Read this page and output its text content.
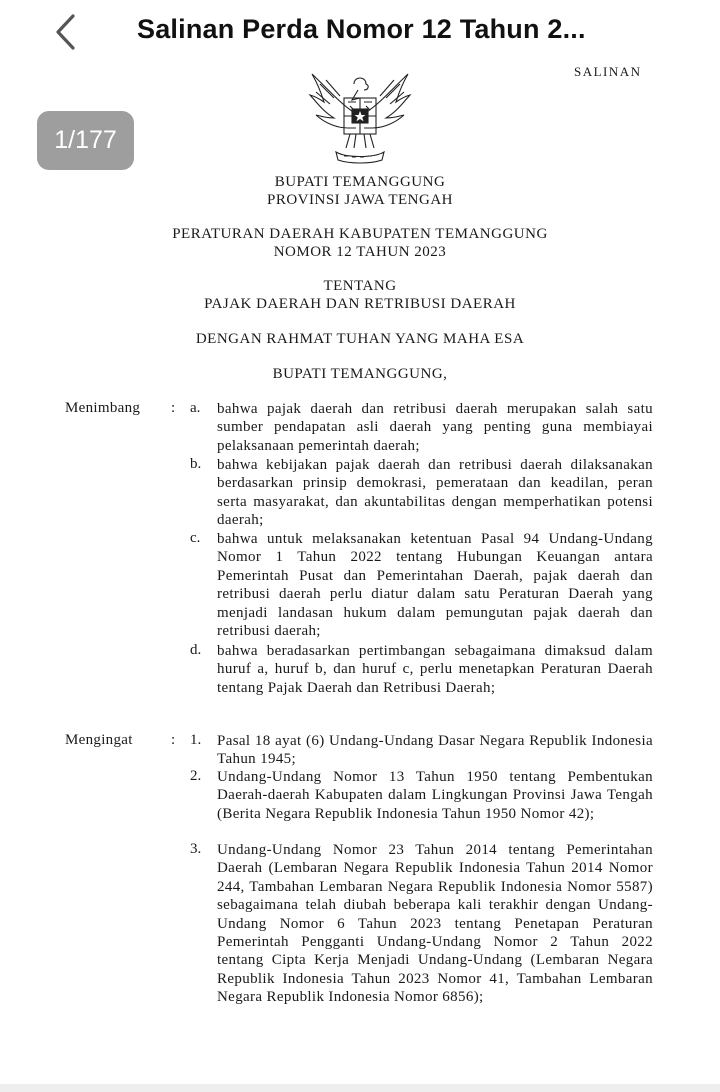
Salinan Perda Nomor 12 Tahun 2...
SALINAN
BUPATI TEMANGGUNG
PROVINSI JAWA TENGAH
PERATURAN DAERAH KABUPATEN TEMANGGUNG
NOMOR 12 TAHUN 2023
TENTANG
PAJAK DAERAH DAN RETRIBUSI DAERAH
DENGAN RAHMAT TUHAN YANG MAHA ESA
BUPATI TEMANGGUNG,
Menimbang : a. bahwa pajak daerah dan retribusi daerah merupakan salah satu sumber pendapatan asli daerah yang penting guna membiayai pelaksanaan pemerintah daerah;
b. bahwa kebijakan pajak daerah dan retribusi daerah dilaksanakan berdasarkan prinsip demokrasi, pemerataan dan keadilan, peran serta masyarakat, dan akuntabilitas dengan memperhatikan potensi daerah;
c. bahwa untuk melaksanakan ketentuan Pasal 94 Undang-Undang Nomor 1 Tahun 2022 tentang Hubungan Keuangan antara Pemerintah Pusat dan Pemerintahan Daerah, pajak daerah dan retribusi daerah perlu diatur dalam satu Peraturan Daerah yang menjadi landasan hukum dalam pemungutan pajak daerah dan retribusi daerah;
d. bahwa beradasarkan pertimbangan sebagaimana dimaksud dalam huruf a, huruf b, dan huruf c, perlu menetapkan Peraturan Daerah tentang Pajak Daerah dan Retribusi Daerah;
Mengingat	: 1. Pasal 18 ayat (6) Undang-Undang Dasar Negara Republik Indonesia Tahun 1945;
2. Undang-Undang Nomor 13 Tahun 1950 tentang Pembentukan Daerah-daerah Kabupaten dalam Lingkungan Provinsi Jawa Tengah (Berita Negara Republik Indonesia Tahun 1950 Nomor 42);
3. Undang-Undang Nomor 23 Tahun 2014 tentang Pemerintahan Daerah (Lembaran Negara Republik Indonesia Tahun 2014 Nomor 244, Tambahan Lembaran Negara Republik Indonesia Nomor 5587) sebagaimana telah diubah beberapa kali terakhir dengan Undang-Undang Nomor 6 Tahun 2023 tentang Penetapan Peraturan Pemerintah Pengganti Undang-Undang Nomor 2 Tahun 2022 tentang Cipta Kerja Menjadi Undang-Undang (Lembaran Negara Republik Indonesia Tahun 2023 Nomor 41, Tambahan Lembaran Negara Republik Indonesia Nomor 6856);
1/177
